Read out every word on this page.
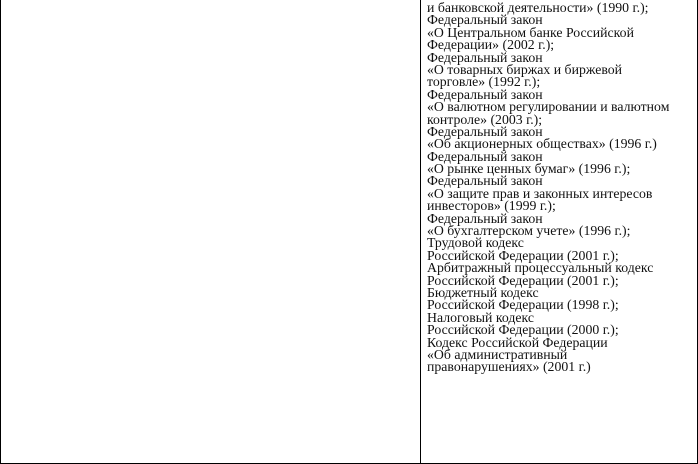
и банковской деятельности» (1990 г.);
Федеральный закон
«О Центральном банке Российской
Федерации» (2002 г.);
Федеральный закон
«О товарных биржах и биржевой
торговле» (1992 г.);
Федеральный закон
«О валютном регулировании и валютном
контроле» (2003 г.);
Федеральный закон
«Об акционерных обществах» (1996 г.)
Федеральный закон
«О рынке ценных бумаг» (1996 г.);
Федеральный закон
«О защите прав и законных интересов
инвесторов» (1999 г.);
Федеральный закон
«О бухгалтерском учете» (1996 г.);
Трудовой кодекс
Российской Федерации (2001 г.);
Арбитражный процессуальный кодекс
Российской Федерации (2001 г.);
Бюджетный кодекс
Российской Федерации (1998 г.);
Налоговый кодекс
Российской Федерации (2000 г.);
Кодекс Российской Федерации
«Об административный
правонарушениях» (2001 г.)
